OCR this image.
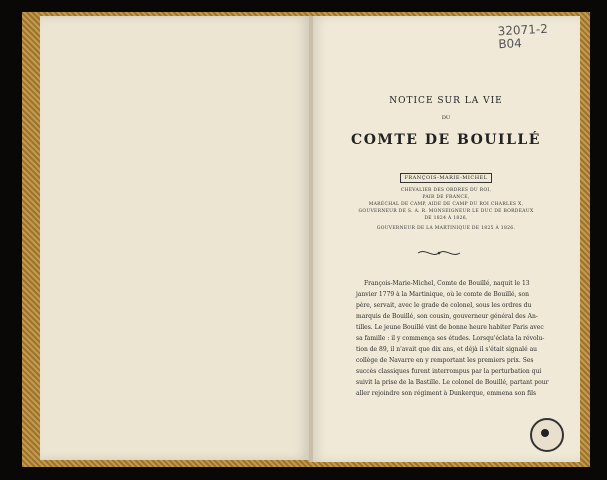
NOTICE SUR LA VIE
DU
COMTE DE BOUILLÉ
FRANÇOIS-MARIE-MICHEL
CHEVALIER DES ORDRES DU ROI,
PAIR DE FRANCE,
MARÉCHAL DE CAMP, AIDE DE CAMP DU ROI CHARLES X,
GOUVERNEUR DE S. A. R. MONSEIGNEUR LE DUC DE BORDEAUX
DE 1824 À 1826,
GOUVERNEUR DE LA MARTINIQUE DE 1825 À 1826.
François-Marie-Michel, Comte de Bouillé, naquit le 13
janvier 1779 à la Martinique, où le comte de Bouillé, son
père, servait, avec le grade de colonel, sous les ordres du
marquis de Bouillé, son cousin, gouverneur général des An-
tilles. Le jeune Bouillé vint de bonne heure habiter Paris avec
sa famille : il y commença ses études. Lorsqu'éclata la révolu-
tion de 89, il n'avait que dix ans, et déjà il s'était signalé au
collège de Navarre en y remportant les premiers prix. Ses
succès classiques furent interrompus par la perturbation qui
suivit la prise de la Bastille. Le colonel de Bouillé, partant pour
aller rejoindre son régiment à Dunkerque, emmena son fils
32071-2
B04
